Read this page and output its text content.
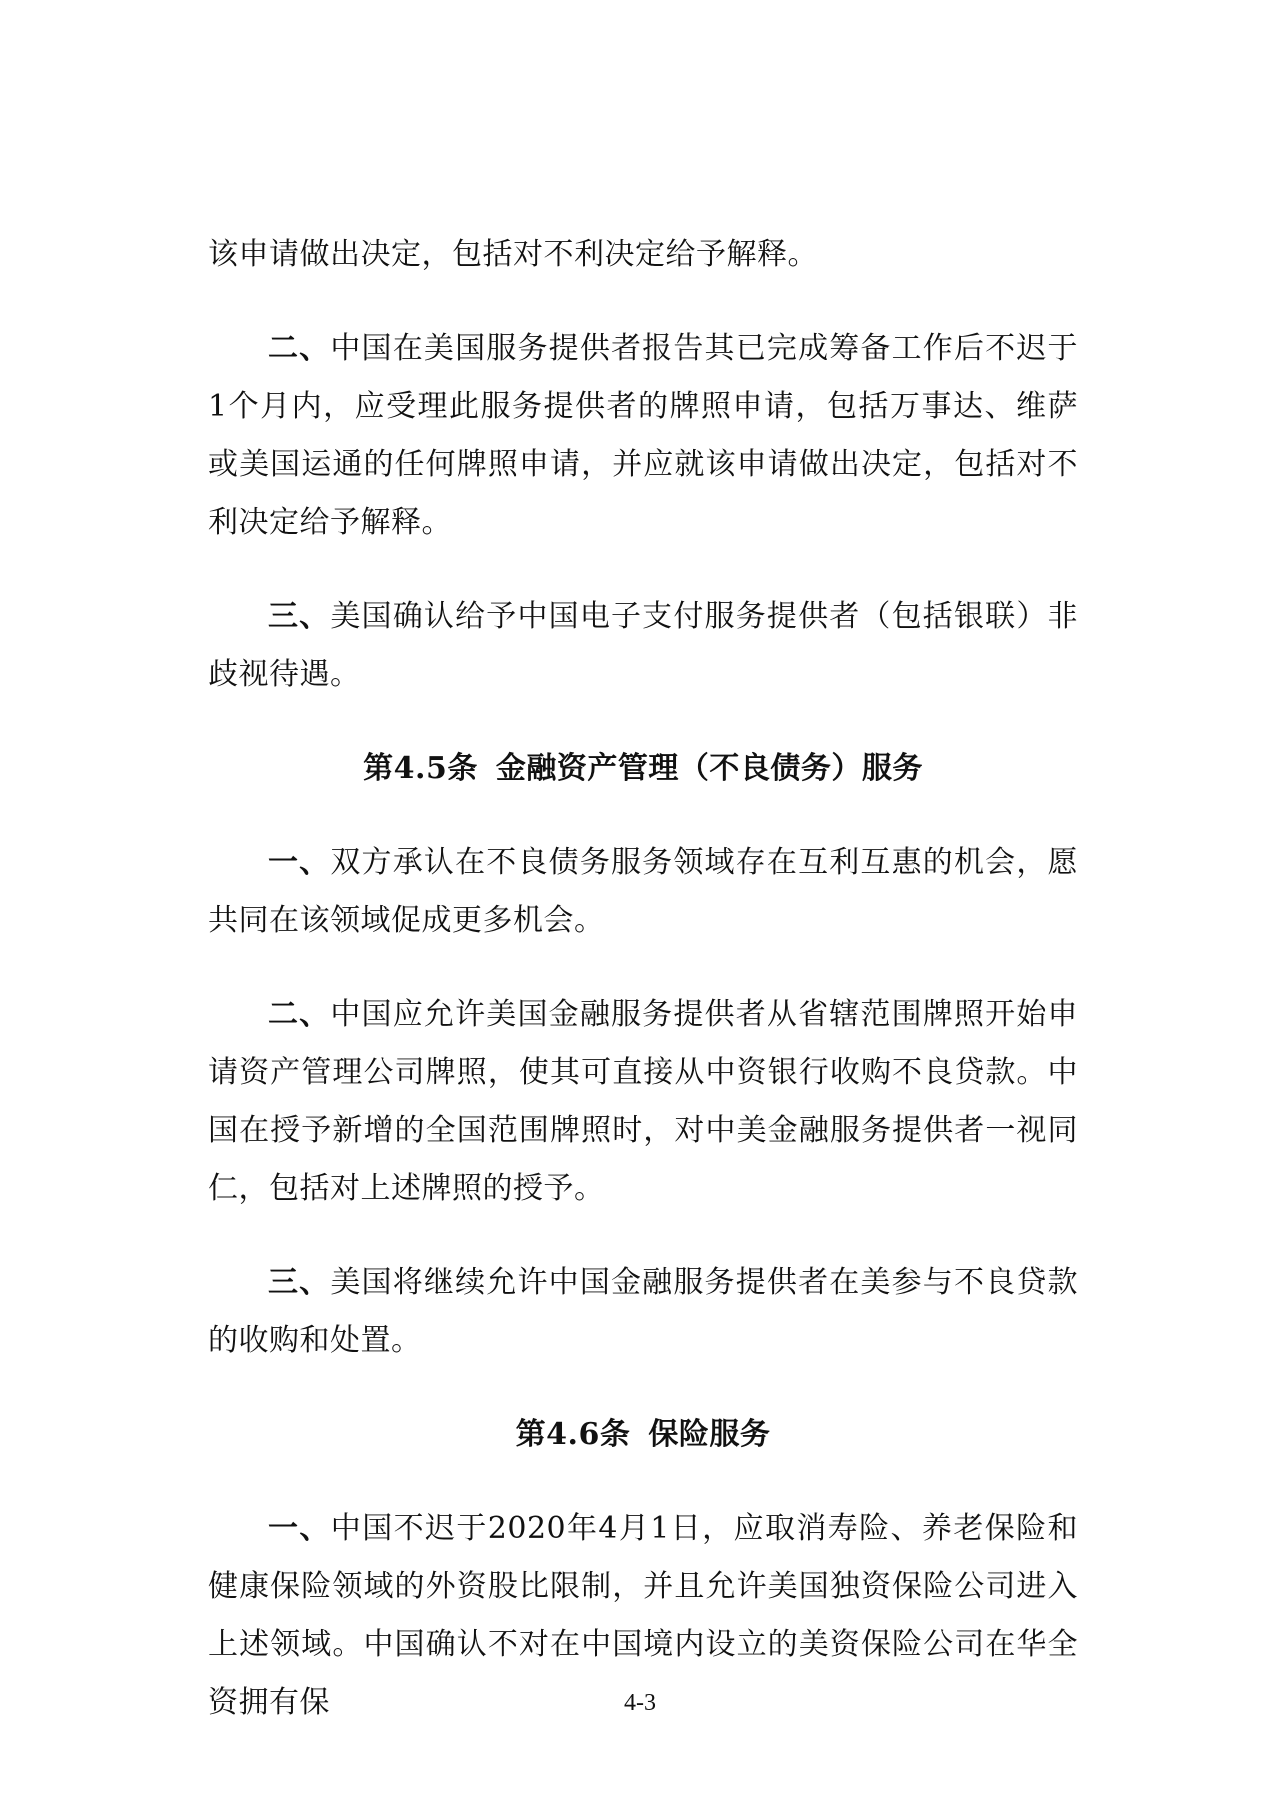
该申请做出决定，包括对不利决定给予解释。

二、中国在美国服务提供者报告其已完成筹备工作后不迟于1个月内，应受理此服务提供者的牌照申请，包括万事达、维萨或美国运通的任何牌照申请，并应就该申请做出决定，包括对不利决定给予解释。

三、美国确认给予中国电子支付服务提供者（包括银联）非歧视待遇。

第4.5条 金融资产管理（不良债务）服务

一、双方承认在不良债务服务领域存在互利互惠的机会，愿共同在该领域促成更多机会。

二、中国应允许美国金融服务提供者从省辖范围牌照开始申请资产管理公司牌照，使其可直接从中资银行收购不良贷款。中国在授予新增的全国范围牌照时，对中美金融服务提供者一视同仁，包括对上述牌照的授予。

三、美国将继续允许中国金融服务提供者在美参与不良贷款的收购和处置。

第4.6条 保险服务

一、中国不迟于2020年4月1日，应取消寿险、养老保险和健康保险领域的外资股比限制，并且允许美国独资保险公司进入上述领域。中国确认不对在中国境内设立的美资保险公司在华全资拥有保	4-3
